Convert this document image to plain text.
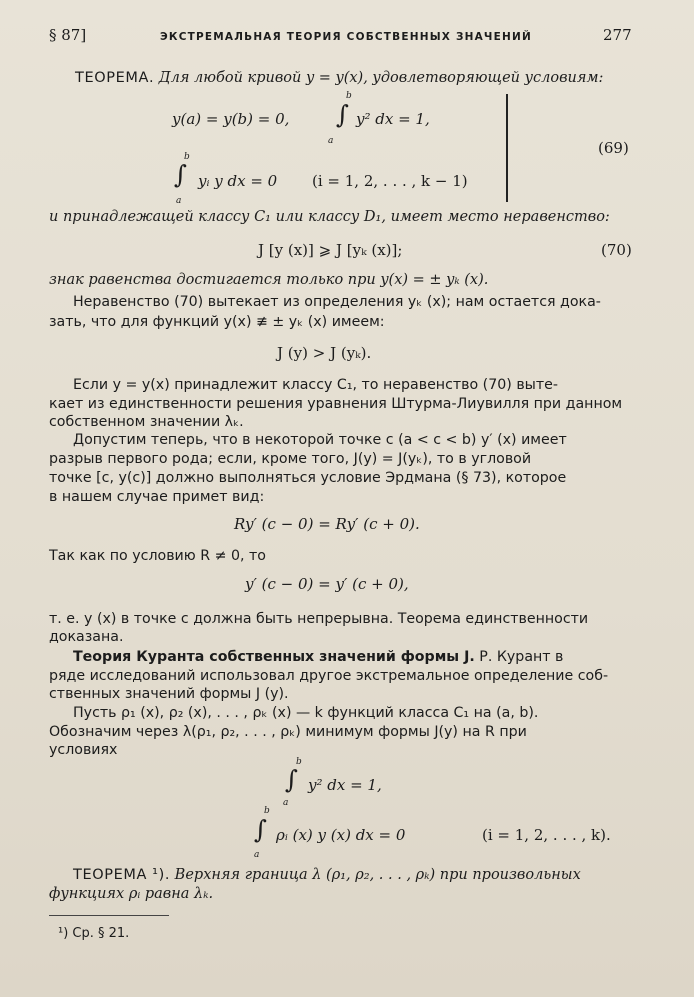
§ 87]	ЭКСТРЕМАЛЬНАЯ ТЕОРИЯ СОБСТВЕННЫХ ЗНАЧЕНИЙ	277
ТЕОРЕМА. Для любой кривой y = y(x), удовлетворяющей условиям:
y(a) = y(b) = 0,
b
∫
a
y² dx = 1,
b
∫
a
yᵢ y dx = 0 (i = 1, 2, . . . , k − 1)
(69)
и принадлежащей классу C₁ или классу D₁, имеет место неравенство:
J [y (x)] ⩾ J [yₖ (x)];	(70)
знак равенства достигается только при y(x) = ± yₖ (x).
Неравенство (70) вытекает из определения yₖ (x); нам остается дока-
зать, что для функций y(x) ≢ ± yₖ (x) имеем:
J (y) > J (yₖ).
Если y = y(x) принадлежит классу C₁, то неравенство (70) выте-
кает из единственности решения уравнения Штурма-Лиувилля при данном
собственном значении λₖ.
Допустим теперь, что в некоторой точке c (a < c < b) y′ (x) имеет
разрыв первого рода; если, кроме того, J(y) = J(yₖ), то в угловой
точке [c, y(c)] должно выполняться условие Эрдмана (§ 73), которое
в нашем случае примет вид:
Ry′ (c − 0) = Ry′ (c + 0).
Так как по условию R ≠ 0, то
y′ (c − 0) = y′ (c + 0),
т. е. y (x) в точке c должна быть непрерывна. Теорема единственности
доказана.
Теория Куранта собственных значений формы J. Р. Курант в
ряде исследований использовал другое экстремальное определение соб-
ственных значений формы J (y).
Пусть ρ₁ (x), ρ₂ (x), . . . , ρₖ (x) — k функций класса C₁ на (a, b).
Обозначим через λ(ρ₁, ρ₂, . . . , ρₖ) минимум формы J(y) на R при
условиях
b
∫
a
y² dx = 1,
b
∫
a
ρᵢ (x) y (x) dx = 0	(i = 1, 2, . . . , k).
ТЕОРЕМА ¹). Верхняя граница λ (ρ₁, ρ₂, . . . , ρₖ) при произвольных
функциях ρᵢ равна λₖ.
¹) Ср. § 21.
